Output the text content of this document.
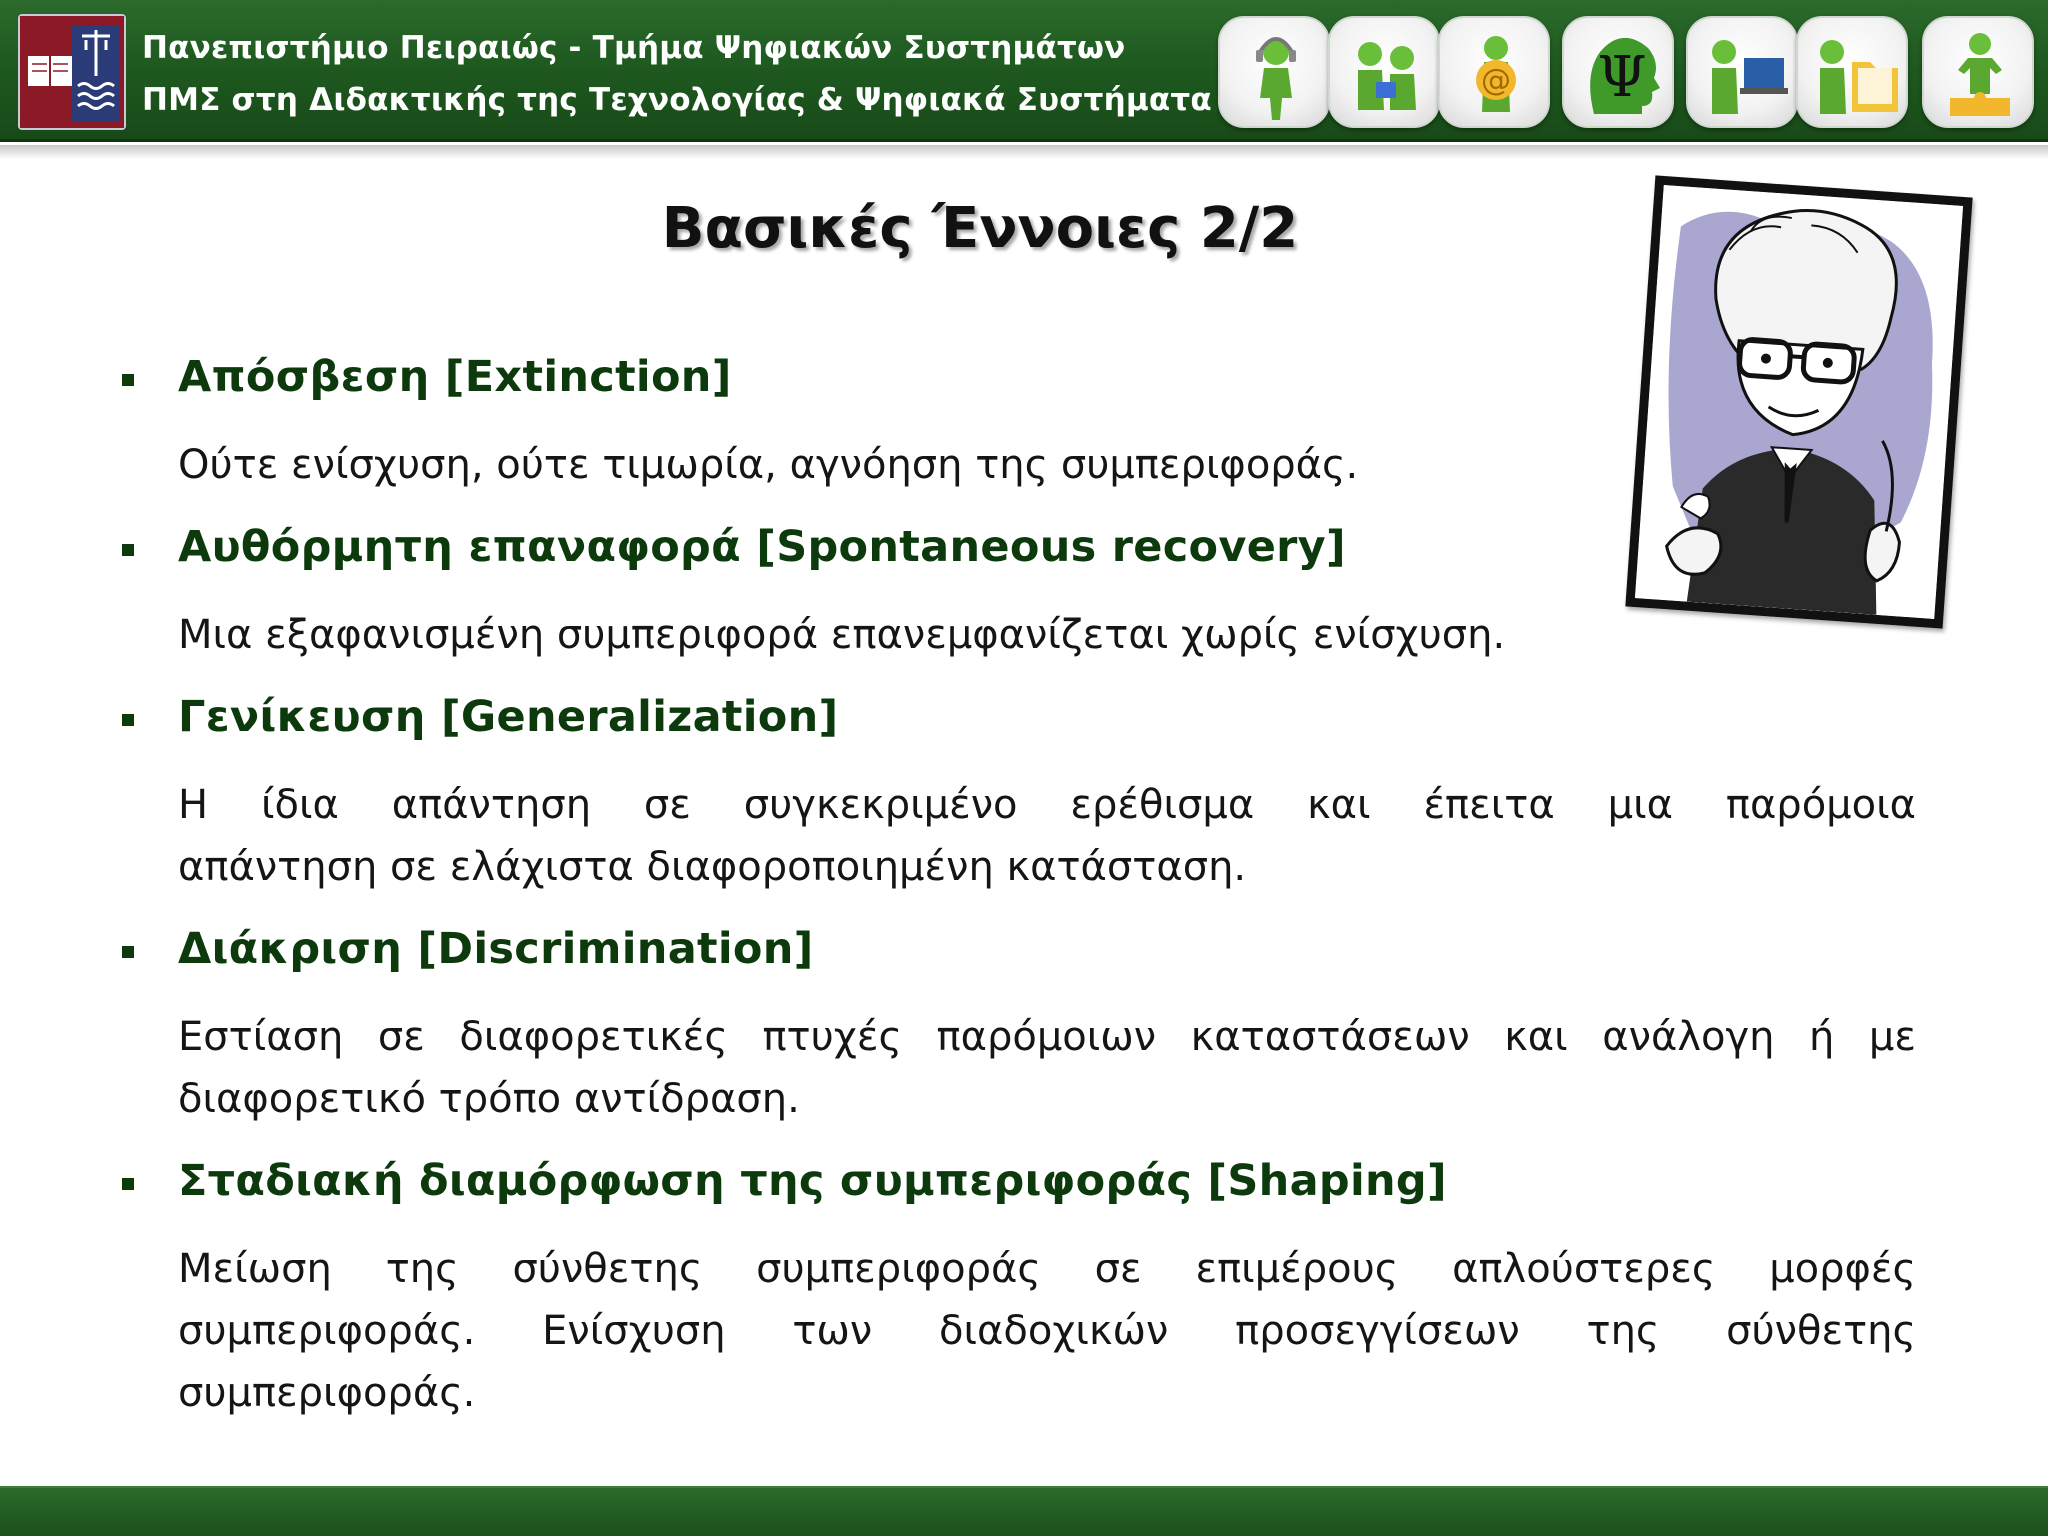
Πανεπιστήμιο Πειραιώς - Τμήμα Ψηφιακών Συστημάτων
ΠΜΣ στη Διδακτικής της Τεχνολογίας & Ψηφιακά Συστήματα
@ Ψ
Βασικές Έννοιες 2/2
Απόσβεση [Extinction]
Ούτε ενίσχυση, ούτε τιμωρία, αγνόηση της συμπεριφοράς.
Αυθόρμητη επαναφορά [Spontaneous recovery]
Μια εξαφανισμένη συμπεριφορά επανεμφανίζεται χωρίς ενίσχυση.
Γενίκευση [Generalization]
Η ίδια απάντηση σε συγκεκριμένο ερέθισμα και έπειτα μια παρόμοια
απάντηση σε ελάχιστα διαφοροποιημένη κατάσταση.
Διάκριση [Discrimination]
Εστίαση σε διαφορετικές πτυχές παρόμοιων καταστάσεων και ανάλογη ή με
διαφορετικό τρόπο αντίδραση.
Σταδιακή διαμόρφωση της συμπεριφοράς [Shaping]
Μείωση της σύνθετης συμπεριφοράς σε επιμέρους απλούστερες μορφές
συμπεριφοράς. Ενίσχυση των διαδοχικών προσεγγίσεων της σύνθετης
συμπεριφοράς.
